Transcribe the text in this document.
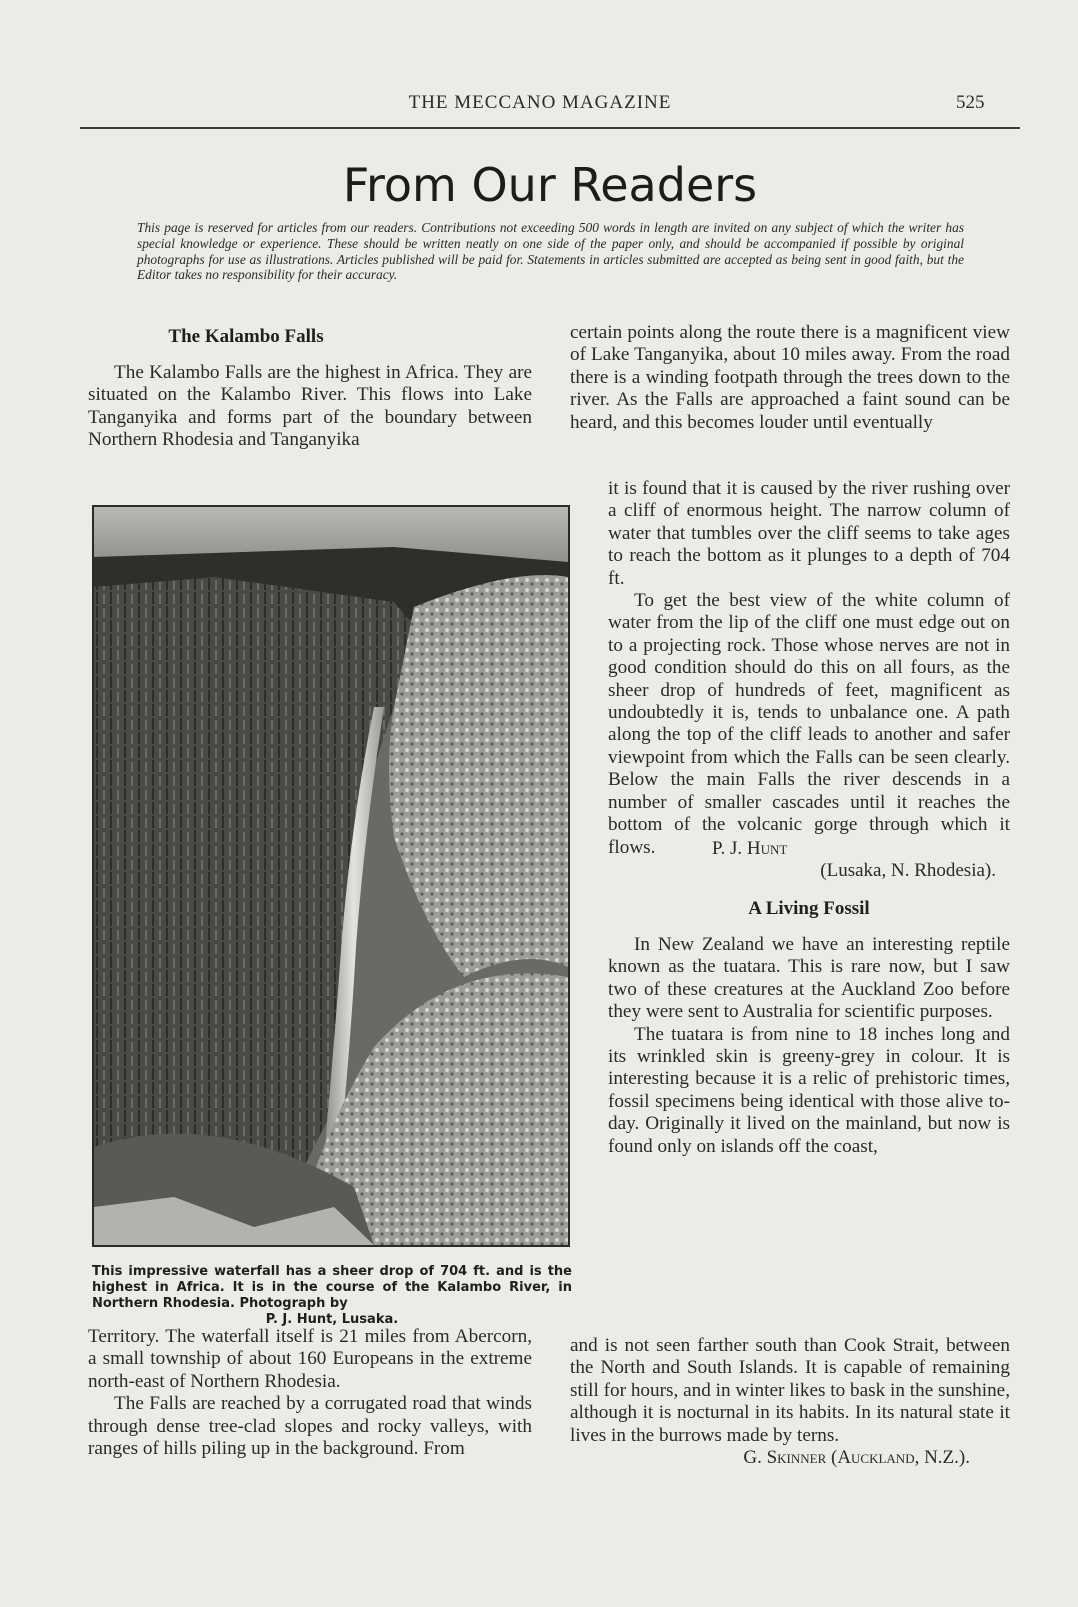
THE MECCANO MAGAZINE	525
From Our Readers
This page is reserved for articles from our readers. Contributions not exceeding 500 words in length are invited on any subject of which the writer has special knowledge or experience. These should be written neatly on one side of the paper only, and should be accompanied if possible by original photographs for use as illustrations. Articles published will be paid for. Statements in articles submitted are accepted as being sent in good faith, but the Editor takes no responsibility for their accuracy.

The Kalambo Falls

The Kalambo Falls are the highest in Africa. They are situated on the Kalambo River. This flows into Lake Tanganyika and forms part of the boundary between Northern Rhodesia and Tanganyika

This impressive waterfall has a sheer drop of 704 ft. and is the highest in Africa. It is in the course of the Kalambo River, in Northern Rhodesia. Photograph by
P. J. Hunt, Lusaka.

Territory. The waterfall itself is 21 miles from Abercorn, a small township of about 160 Europeans in the extreme north-east of Northern Rhodesia.

The Falls are reached by a corrugated road that winds through dense tree-clad slopes and rocky valleys, with ranges of hills piling up in the background. From

certain points along the route there is a magnificent view of Lake Tanganyika, about 10 miles away. From the road there is a winding footpath through the trees down to the river. As the Falls are approached a faint sound can be heard, and this becomes louder until eventually

it is found that it is caused by the river rushing over a cliff of enormous height. The narrow column of water that tumbles over the cliff seems to take ages to reach the bottom as it plunges to a depth of 704 ft.

To get the best view of the white column of water from the lip of the cliff one must edge out on to a projecting rock. Those whose nerves are not in good condition should do this on all fours, as the sheer drop of hundreds of feet, magnificent as undoubtedly it is, tends to unbalance one. A path along the top of the cliff leads to another and safer viewpoint from which the Falls can be seen clearly. Below the main Falls the river descends in a number of smaller cascades until it reaches the bottom of the volcanic gorge through which it flows.	P. J. Hunt
(Lusaka, N. Rhodesia).

A Living Fossil

In New Zealand we have an interesting reptile known as the tuatara. This is rare now, but I saw two of these creatures at the Auckland Zoo before they were sent to Australia for scientific purposes.

The tuatara is from nine to 18 inches long and its wrinkled skin is greeny-grey in colour. It is interesting because it is a relic of prehistoric times, fossil specimens being identical with those alive to-day. Originally it lived on the mainland, but now is found only on islands off the coast,

and is not seen farther south than Cook Strait, between the North and South Islands. It is capable of remaining still for hours, and in winter likes to bask in the sunshine, although it is nocturnal in its habits. In its natural state it lives in the burrows made by terns.

G. Skinner (Auckland, N.Z.).
